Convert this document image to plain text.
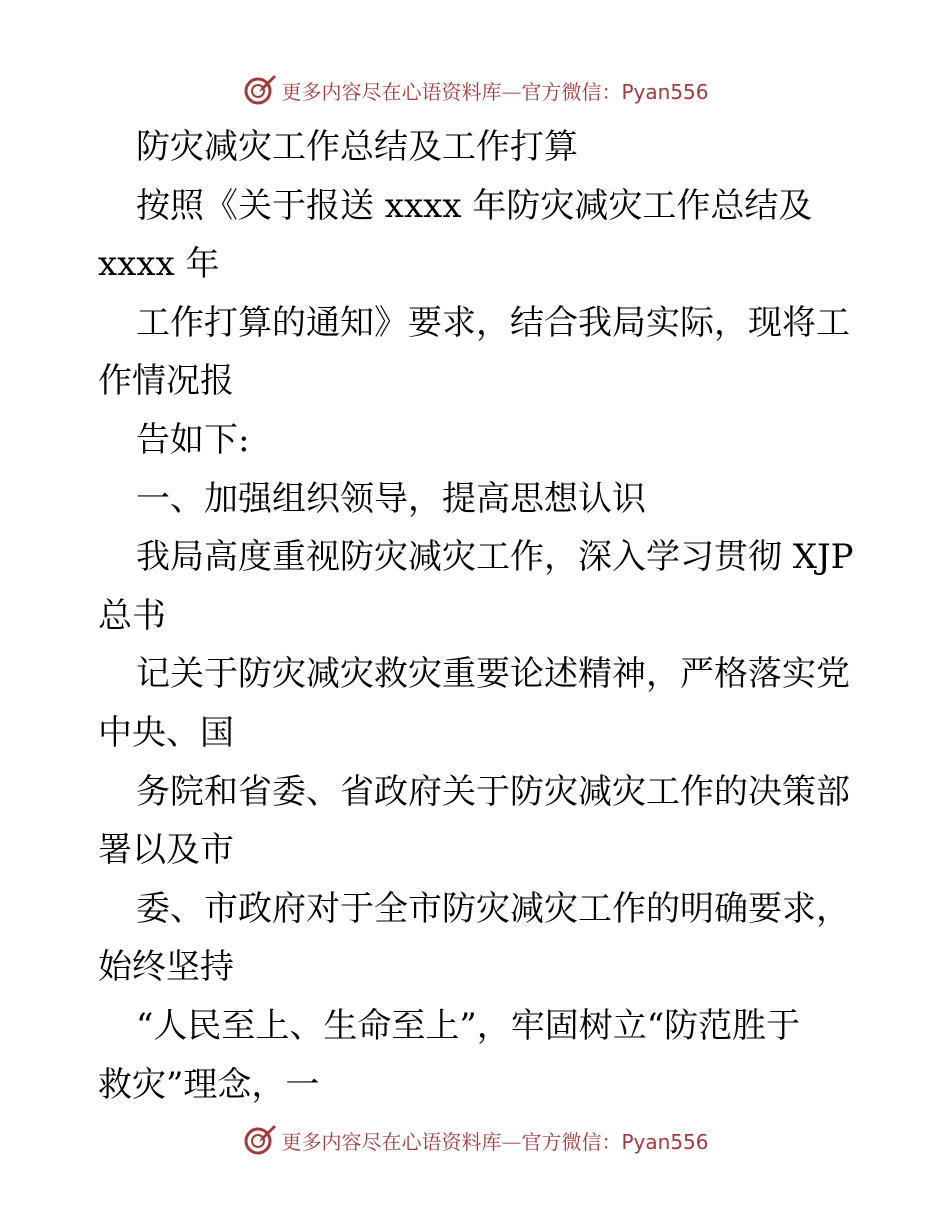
更多内容尽在心语资料库—官方微信：Pyan556
防灾减灾工作总结及工作打算
按照《关于报送 xxxx 年防灾减灾工作总结及
xxxx 年
工作打算的通知》要求，结合我局实际，现将工
作情况报
告如下:
一、加强组织领导，提高思想认识
我局高度重视防灾减灾工作，深入学习贯彻 XJP
总书
记关于防灾减灾救灾重要论述精神，严格落实党
中央、国
务院和省委、省政府关于防灾减灾工作的决策部
署以及市
委、市政府对于全市防灾减灾工作的明确要求，
始终坚持
“人民至上、生命至上”，牢固树立“防范胜于
救灾”理念，一
更多内容尽在心语资料库—官方微信：Pyan556
